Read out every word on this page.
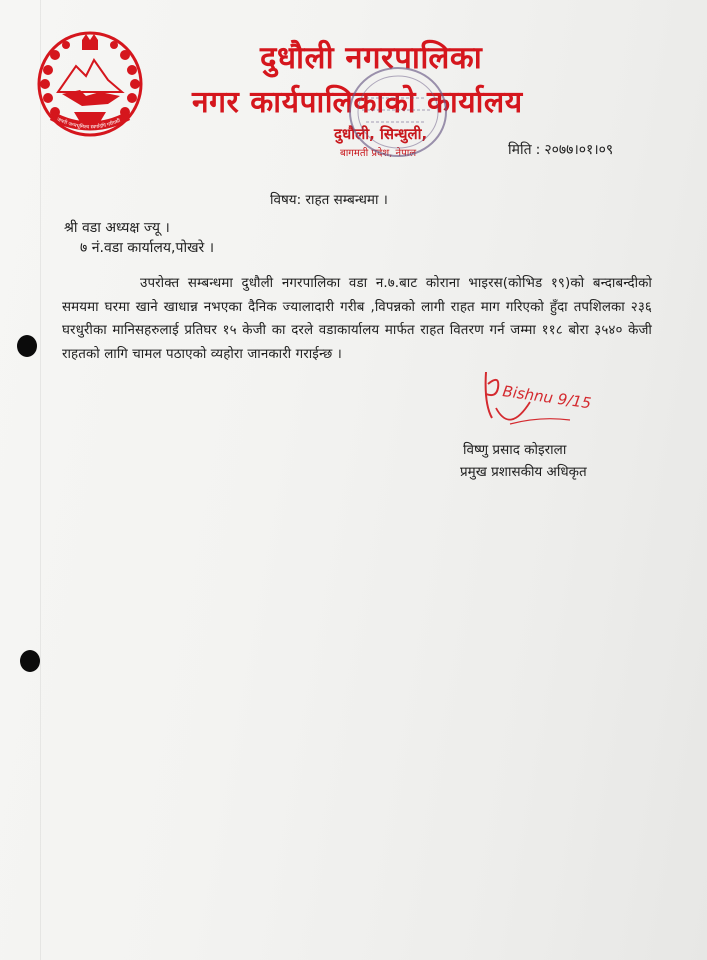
जननी जन्मभूमिश्च स्वर्गादपि गरीयसी
दुधौली नगरपालिका
नगर कार्यपालिकाको कार्यालय
दुधौली, सिन्धुली,
बागमती प्रदेश, नेपाल	मिति : २०७७।०१।०९
विषय: राहत सम्बन्धमा ।
श्री वडा अध्यक्ष ज्यू ।
७ नं.वडा कार्यालय,पोखरे ।
उपरोक्त सम्बन्धमा दुधौली नगरपालिका वडा न.७.बाट कोराना भाइरस(कोभिड १९)को बन्दाबन्दीको समयमा घरमा खाने खाधान्न नभएका दैनिक ज्यालादारी गरीब ,विपन्नको लागी राहत माग गरिएको हुँदा तपशिलका २३६ घरधुरीका मानिसहरुलाई प्रतिघर १५ केजी का दरले वडाकार्यालय मार्फत राहत वितरण गर्न जम्मा ११८ बोरा ३५४० केजी राहतको लागि चामल पठाएको व्यहोरा जानकारी गराईन्छ ।
Bishnu 9/15
विष्णु प्रसाद कोइराला
प्रमुख प्रशासकीय अधिकृत
